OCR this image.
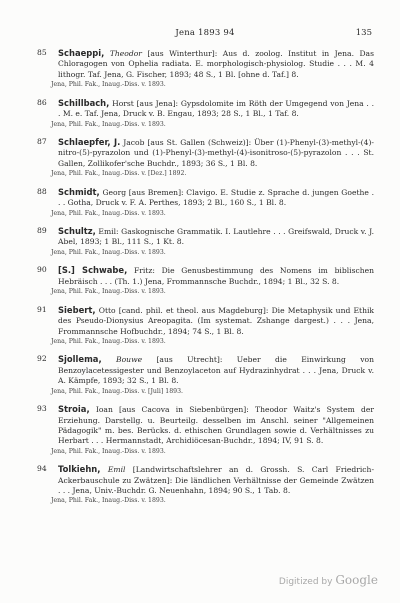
Jena 1893 94	135
85	Schaeppi, Theodor [aus Winterthur]: Aus d. zoolog. Institut in Jena. Das Chloragogen von Ophelia radiata. E. morphologisch-physiolog. Studie . . . M. 4 lithogr. Taf. Jena, G. Fischer, 1893; 48 S., 1 Bl. [ohne d. Taf.] 8.
Jena, Phil. Fak., Inaug.-Diss. v. 1893.
86	Schillbach, Horst [aus Jena]: Gypsdolomite im Röth der Umgegend von Jena . . . M. e. Taf. Jena, Druck v. B. Engau, 1893; 28 S., 1 Bl., 1 Taf. 8.
Jena, Phil. Fak., Inaug.-Diss. v. 1893.
87	Schlaepfer, J. Jacob [aus St. Gallen (Schweiz)]: Über (1)-Phenyl-(3)-methyl-(4)-nitro-(5)-pyrazolon und (1)-Phenyl-(3)-methyl-(4)-isonitroso-(5)-pyrazolon . . . St. Gallen, Zollikofer'sche Buchdr., 1893; 36 S., 1 Bl. 8.
Jena, Phil. Fak., Inaug.-Diss. v. [Dez.] 1892.
88	Schmidt, Georg [aus Bremen]: Clavigo. E. Studie z. Sprache d. jungen Goethe . . . Gotha, Druck v. F. A. Perthes, 1893; 2 Bl., 160 S., 1 Bl. 8.
Jena, Phil. Fak., Inaug.-Diss. v. 1893.
89	Schultz, Emil: Gaskognische Grammatik. I. Lautlehre . . . Greifswald, Druck v. J. Abel, 1893; 1 Bl., 111 S., 1 Kt. 8.
Jena, Phil. Fak., Inaug.-Diss. v. 1893.
90	[S.] Schwabe, Fritz: Die Genusbestimmung des Nomens im biblischen Hebräisch . . . (Th. 1.) Jena, Frommannsche Buchdr., 1894; 1 Bl., 32 S. 8.
Jena, Phil. Fak., Inaug.-Diss. v. 1893.
91	Siebert, Otto [cand. phil. et theol. aus Magdeburg]: Die Metaphysik und Ethik des Pseudo-Dionysius Areopagita. (Im systemat. Zshange dargest.) . . . Jena, Frommannsche Hofbuchdr., 1894; 74 S., 1 Bl. 8.
Jena, Phil. Fak., Inaug.-Diss. v. 1893.
92	Sjollema, Bouwe [aus Utrecht]: Ueber die Einwirkung von Benzoylacetessigester und Benzoylaceton auf Hydrazinhydrat . . . Jena, Druck v. A. Kämpfe, 1893; 32 S., 1 Bl. 8.
Jena, Phil. Fak., Inaug.-Diss. v. [Juli] 1893.
93	Stroia, Ioan [aus Cacova in Siebenbürgen]: Theodor Waitz's System der Erziehung. Darstellg. u. Beurteilg. desselben im Anschl. seiner "Allgemeinen Pädagogik" m. bes. Berücks. d. ethischen Grundlagen sowie d. Verhältnisses zu Herbart . . . Hermannstadt, Archidiöcesan-Buchdr., 1894; IV, 91 S. 8.
Jena, Phil. Fak., Inaug.-Diss. v. 1893.
94	Tolkiehn, Emil [Landwirtschaftslehrer an d. Grossh. S. Carl Friedrich-Ackerbauschule zu Zwätzen]: Die ländlichen Verhältnisse der Gemeinde Zwätzen . . . Jena, Univ.-Buchdr. G. Neuenhahn, 1894; 90 S., 1 Tab. 8.
Jena, Phil. Fak., Inaug.-Diss. v. 1893.
Digitized by Google
